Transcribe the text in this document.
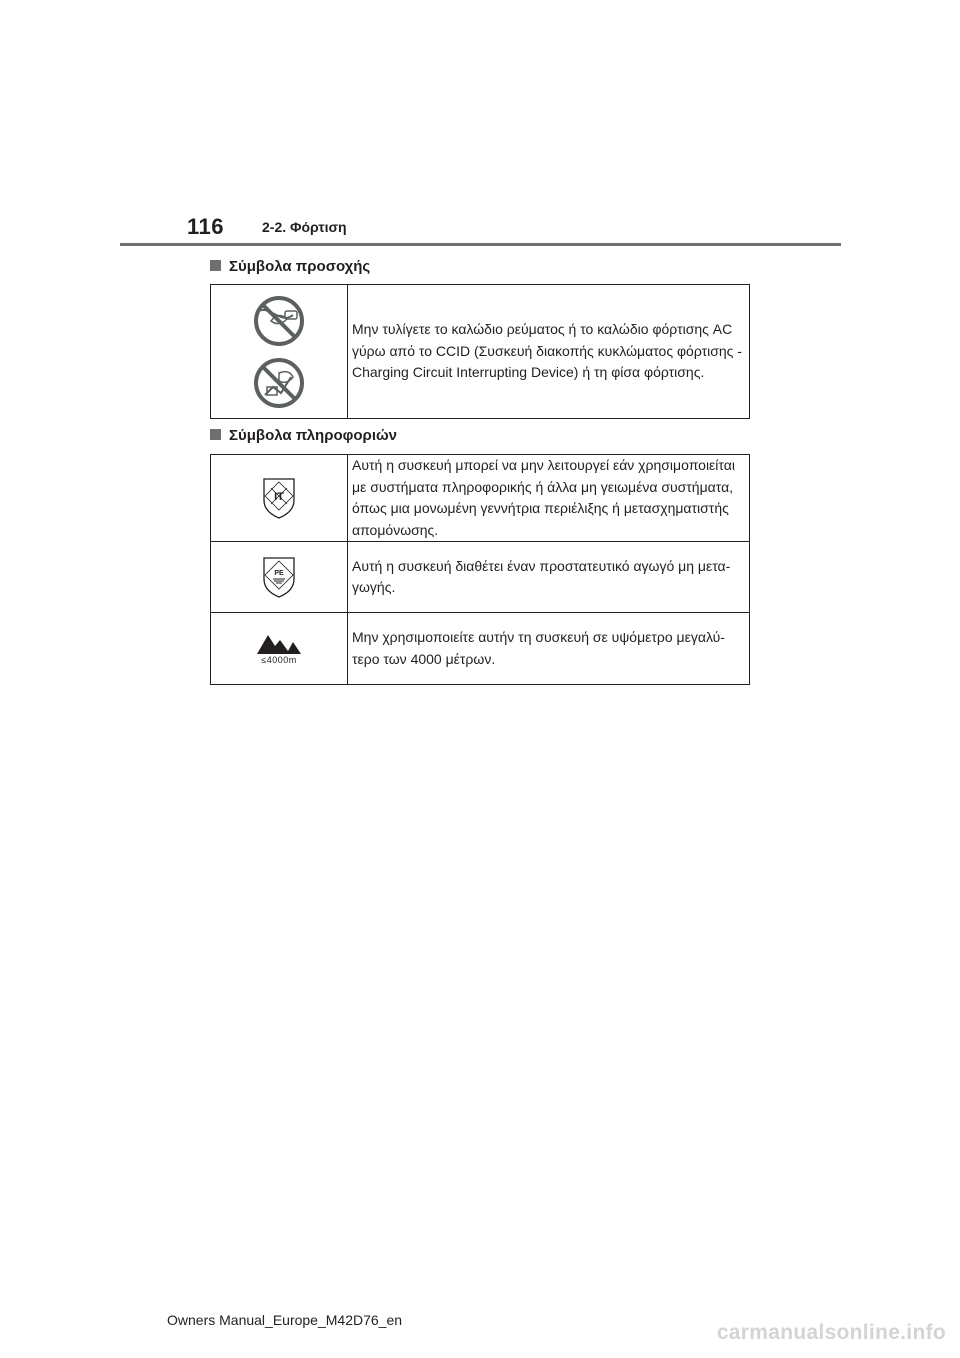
116	2-2. Φόρτιση
Σύμβολα προσοχής
	Μην τυλίγετε το καλώδιο ρεύματος ή το καλώδιο φόρτισης AC γύρω από το CCID (Συσκευή διακοπής κυκλώματος φόρτισης - Charging Circuit Interrupting Device) ή τη φίσα φόρτισης.
Σύμβολα πληροφοριών
IT	Αυτή η συσκευή μπορεί να μην λειτουργεί εάν χρησιμοποιείται με συστήματα πληροφορικής ή άλλα μη γειωμένα συστήματα, όπως μια μονωμένη γεννήτρια περιέλιξης ή μετασχηματιστής απομόνωσης.

PE	Αυτή η συσκευή διαθέτει έναν προστατευτικό αγωγό μη μετα-γωγής.

≤4000m	Μην χρησιμοποιείτε αυτήν τη συσκευή σε υψόμετρο μεγαλύ-τερο των 4000 μέτρων.
Owners Manual_Europe_M42D76_en
carmanualsonline.info
